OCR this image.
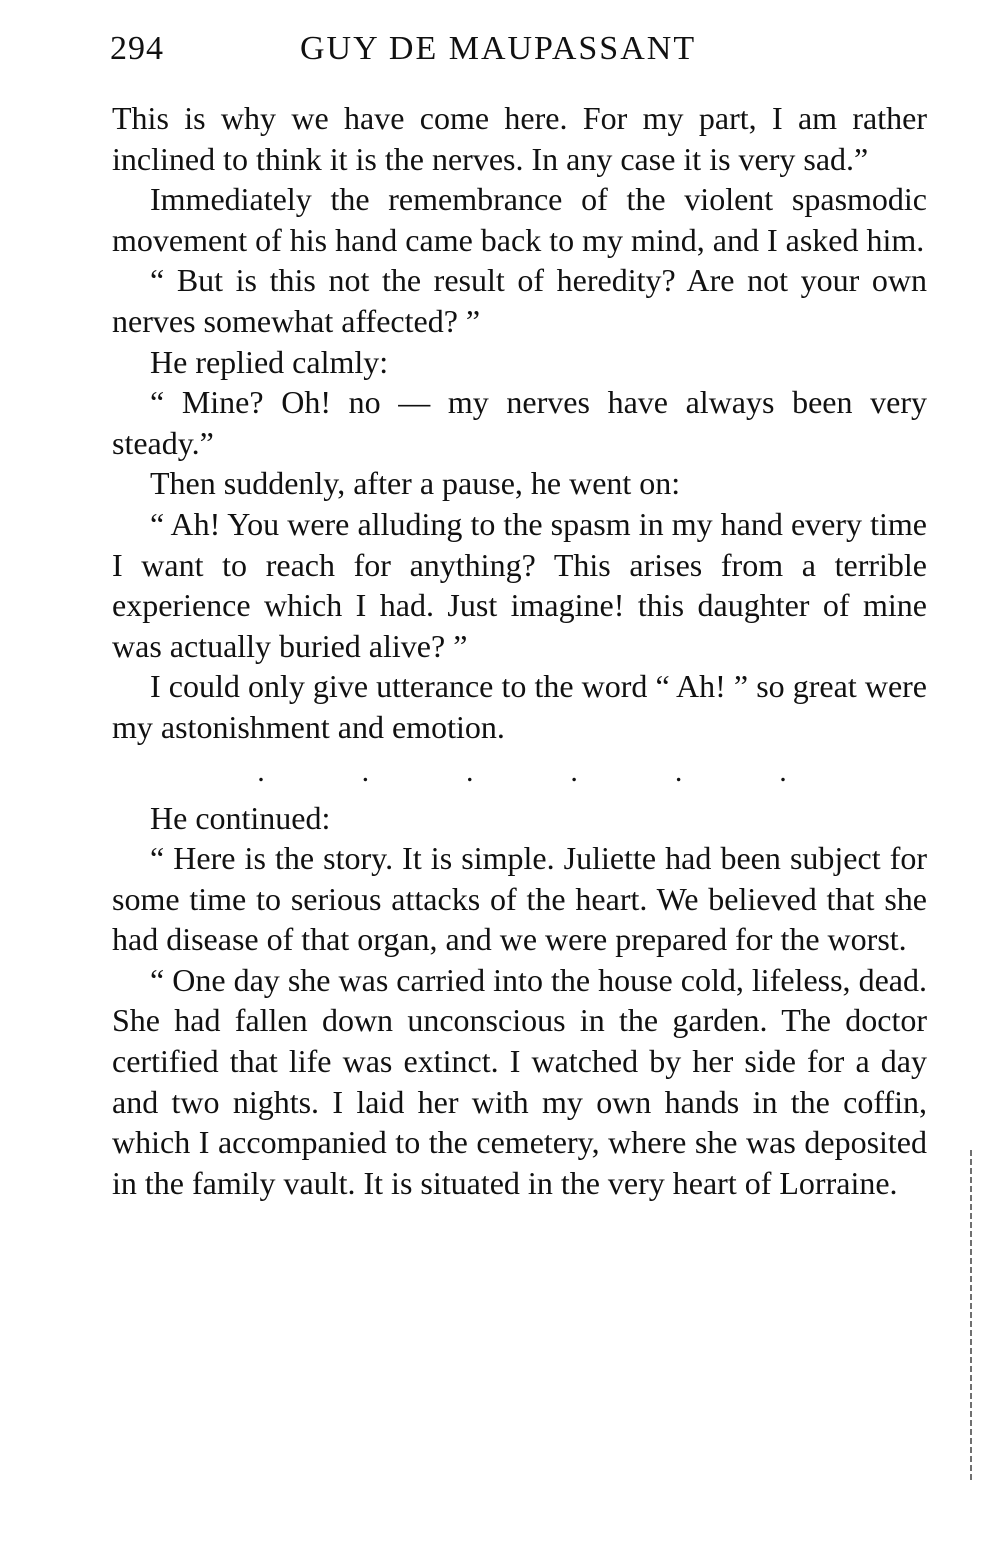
294	GUY DE MAUPASSANT

This is why we have come here. For my part, I am rather inclined to think it is the nerves. In any case it is very sad.”

Immediately the remembrance of the violent spasmodic movement of his hand came back to my mind, and I asked him.

“ But is this not the result of heredity? Are not your own nerves somewhat affected? ”

He replied calmly:

“ Mine? Oh! no — my nerves have always been very steady.”

Then suddenly, after a pause, he went on:

“ Ah! You were alluding to the spasm in my hand every time I want to reach for anything? This arises from a terrible experience which I had. Just imagine! this daughter of mine was actually buried alive? ”

I could only give utterance to the word “ Ah! ” so great were my astonishment and emotion.

.	.	.	.	.	.

He continued:

“ Here is the story. It is simple. Juliette had been subject for some time to serious attacks of the heart. We believed that she had disease of that organ, and we were prepared for the worst.

“ One day she was carried into the house cold, lifeless, dead. She had fallen down unconscious in the garden. The doctor certified that life was extinct. I watched by her side for a day and two nights. I laid her with my own hands in the coffin, which I accompanied to the cemetery, where she was deposited in the family vault. It is situated in the very heart of Lorraine.
